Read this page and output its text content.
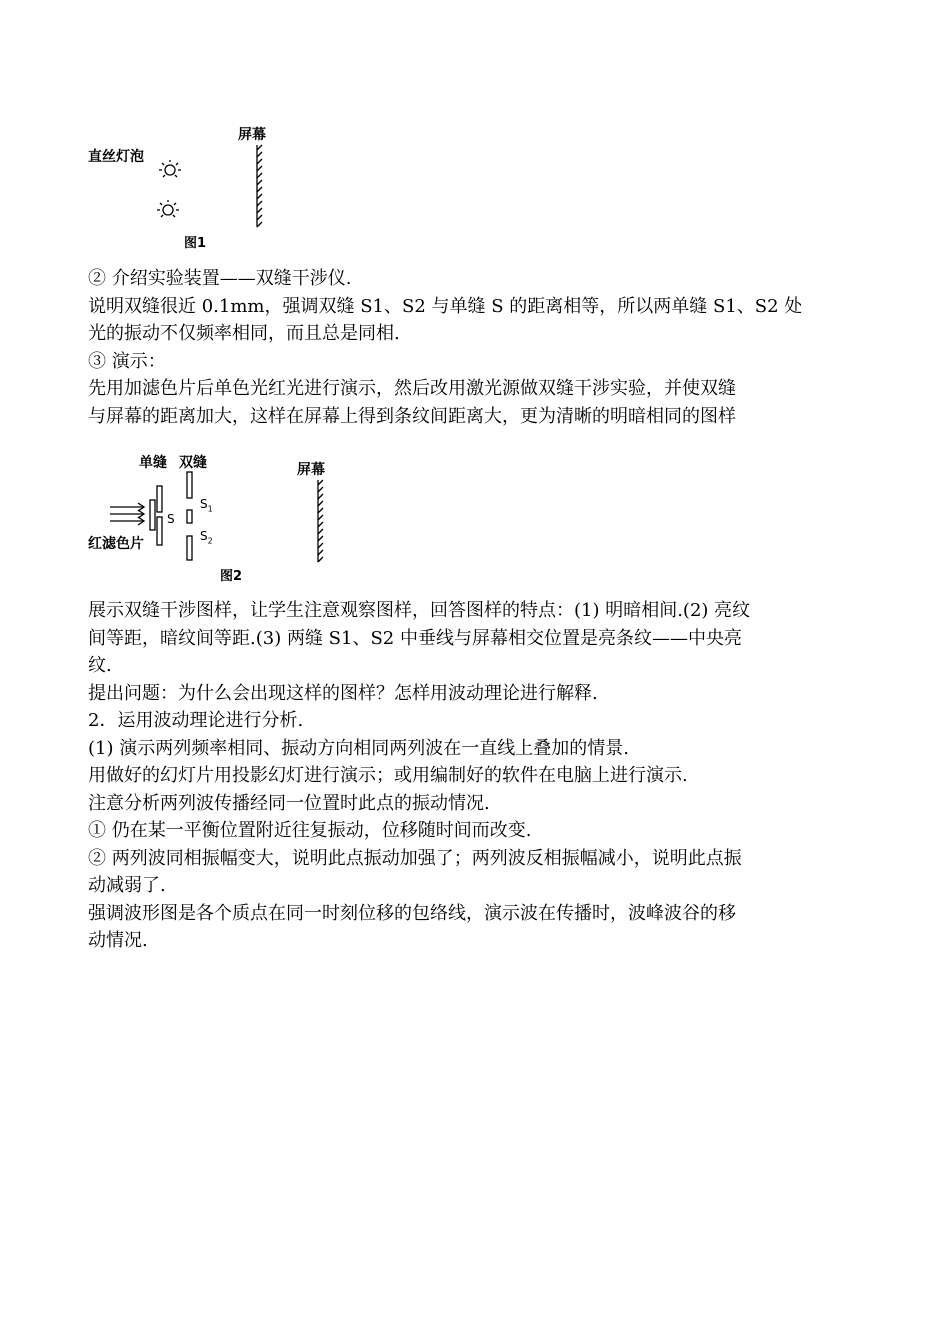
直丝灯泡
屏幕
图1
② 介绍实验装置——双缝干涉仪.
说明双缝很近 0.1mm，强调双缝 S1、S2 与单缝 S 的距离相等，所以两单缝 S1、S2 处
光的振动不仅频率相同，而且总是同相.
③ 演示：
先用加滤色片后单色光红光进行演示，然后改用激光源做双缝干涉实验，并使双缝
与屏幕的距离加大，这样在屏幕上得到条纹间距离大，更为清晰的明暗相同的图样
单缝 双缝	屏幕
红滤色片
S
$S_1$
$S_2$
图2
展示双缝干涉图样，让学生注意观察图样，回答图样的特点：(1) 明暗相间.(2) 亮纹
间等距，暗纹间等距.(3) 两缝 S1、S2 中垂线与屏幕相交位置是亮条纹——中央亮
纹.
提出问题：为什么会出现这样的图样？怎样用波动理论进行解释.
2．运用波动理论进行分析.
(1) 演示两列频率相同、振动方向相同两列波在一直线上叠加的情景.
用做好的幻灯片用投影幻灯进行演示；或用编制好的软件在电脑上进行演示.
注意分析两列波传播经同一位置时此点的振动情况.
① 仍在某一平衡位置附近往复振动，位移随时间而改变.
② 两列波同相振幅变大，说明此点振动加强了；两列波反相振幅减小，说明此点振
动减弱了.
强调波形图是各个质点在同一时刻位移的包络线，演示波在传播时，波峰波谷的移
动情况.
